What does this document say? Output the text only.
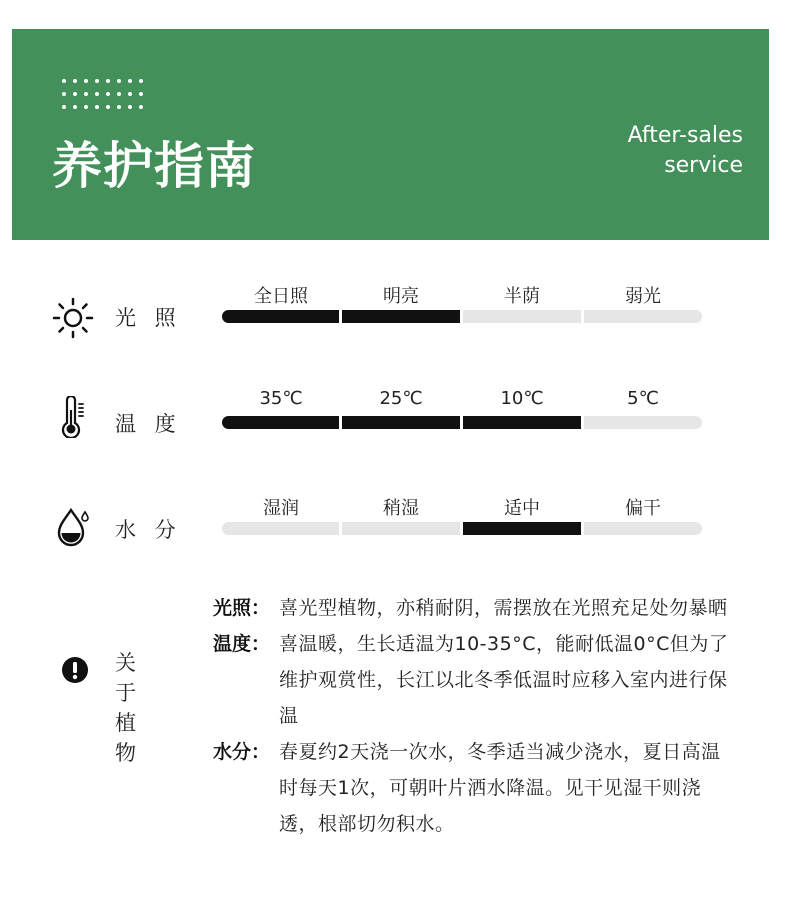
养护指南
After-sales
service
光 照
全日照	明亮	半荫	弱光
温 度
35℃	25℃	10℃	5℃
水 分
湿润	稍湿	适中	偏干
关 于
植 物
光照： 喜光型植物，亦稍耐阴，需摆放在光照充足处勿暴晒
温度： 喜温暖，生长适温为10-35°C，能耐低温0°C但为了维护观赏性，长江以北冬季低温时应移入室内进行保温
水分： 春夏约2天浇一次水，冬季适当减少浇水，夏日高温时每天1次，可朝叶片洒水降温。见干见湿干则浇透，根部切勿积水。
